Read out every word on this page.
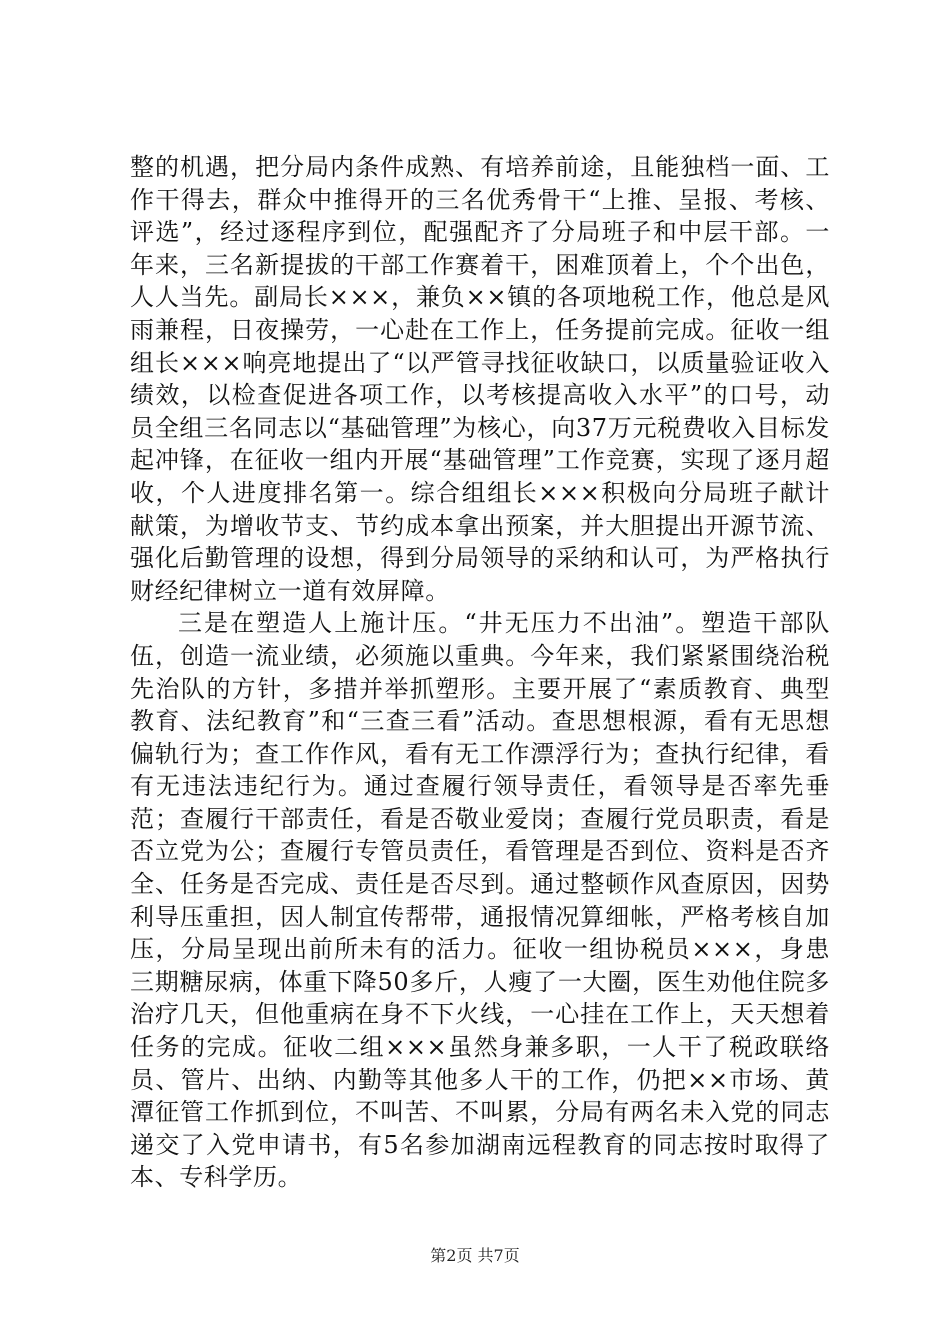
整的机遇，把分局内条件成熟、有培养前途，且能独档一面、工作干得去，群众中推得开的三名优秀骨干“上推、呈报、考核、评选”，经过逐程序到位，配强配齐了分局班子和中层干部。一年来，三名新提拔的干部工作赛着干，困难顶着上，个个出色，人人当先。副局长×××，兼负××镇的各项地税工作，他总是风雨兼程，日夜操劳，一心赴在工作上，任务提前完成。征收一组组长×××响亮地提出了“以严管寻找征收缺口，以质量验证收入绩效，以检查促进各项工作，以考核提高收入水平”的口号，动员全组三名同志以“基础管理”为核心，向37万元税费收入目标发起冲锋，在征收一组内开展“基础管理”工作竞赛，实现了逐月超收，个人进度排名第一。综合组组长×××积极向分局班子献计献策，为增收节支、节约成本拿出预案，并大胆提出开源节流、强化后勤管理的设想，得到分局领导的采纳和认可，为严格执行财经纪律树立一道有效屏障。

三是在塑造人上施计压。“井无压力不出油”。塑造干部队伍，创造一流业绩，必须施以重典。今年来，我们紧紧围绕治税先治队的方针，多措并举抓塑形。主要开展了“素质教育、典型教育、法纪教育”和“三查三看”活动。查思想根源，看有无思想偏轨行为；查工作作风，看有无工作漂浮行为；查执行纪律，看有无违法违纪行为。通过查履行领导责任，看领导是否率先垂范；查履行干部责任，看是否敬业爱岗；查履行党员职责，看是否立党为公；查履行专管员责任，看管理是否到位、资料是否齐全、任务是否完成、责任是否尽到。通过整顿作风查原因，因势利导压重担，因人制宜传帮带，通报情况算细帐，严格考核自加压，分局呈现出前所未有的活力。征收一组协税员×××，身患三期糖尿病，体重下降50多斤，人瘦了一大圈，医生劝他住院多治疗几天，但他重病在身不下火线，一心挂在工作上，天天想着任务的完成。征收二组×××虽然身兼多职，一人干了税政联络员、管片、出纳、内勤等其他多人干的工作，仍把××市场、黄潭征管工作抓到位，不叫苦、不叫累，分局有两名未入党的同志递交了入党申请书，有5名参加湖南远程教育的同志按时取得了本、专科学历。

第2页 共7页
